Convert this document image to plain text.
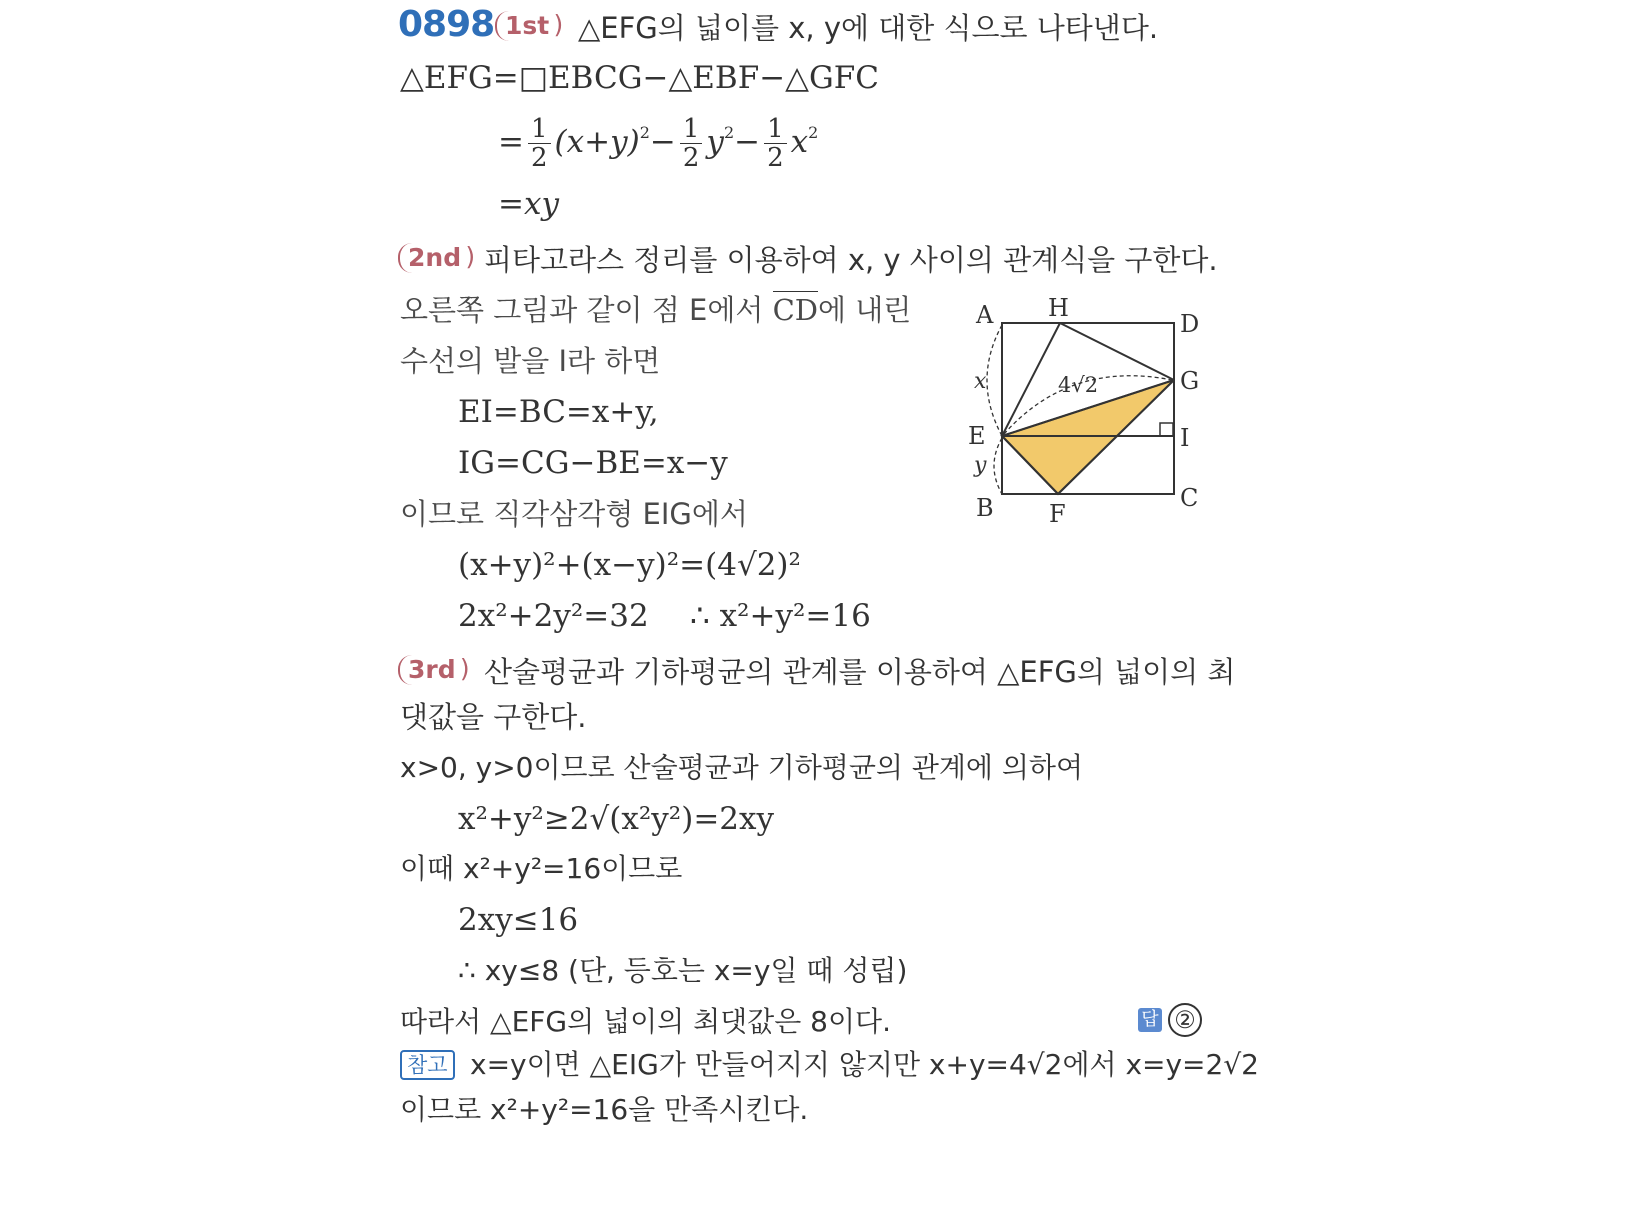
0898 1st ) △EFG의 넓이를 x, y에 대한 식으로 나타낸다.
△EFG=□EBCG−△EBF−△GFC
= $\frac{1}{2} (x+y)^2- \frac{1}{2} y^2- \frac{1}{2} x^2$
=xy
2nd ) 피타고라스 정리를 이용하여 x, y 사이의 관계식을 구한다.
오른쪽 그림과 같이 점 E에서 CD에 내린
수선의 발을 I라 하면
EI=BC=x+y,
IG=CG−BE=x−y
이므로 직각삼각형 EIG에서
(x+y)²+(x−y)²=(4√2)²
2x²+2y²=32 ∴ x²+y²=16
A H
D
G
E	I
B F
C
x
y
4√2
3rd ) 산술평균과 기하평균의 관계를 이용하여 △EFG의 넓이의 최
댓값을 구한다.
x>0, y>0이므로 산술평균과 기하평균의 관계에 의하여
x²+y²≥2√(x²y²)=2xy
이때 x²+y²=16이므로
2xy≤16
∴ xy≤8 (단, 등호는 x=y일 때 성립)
따라서 △EFG의 넓이의 최댓값은 8이다.	답 ②
참고 x=y이면 △EIG가 만들어지지 않지만 x+y=4√2에서 x=y=2√2
이므로 x²+y²=16을 만족시킨다.
